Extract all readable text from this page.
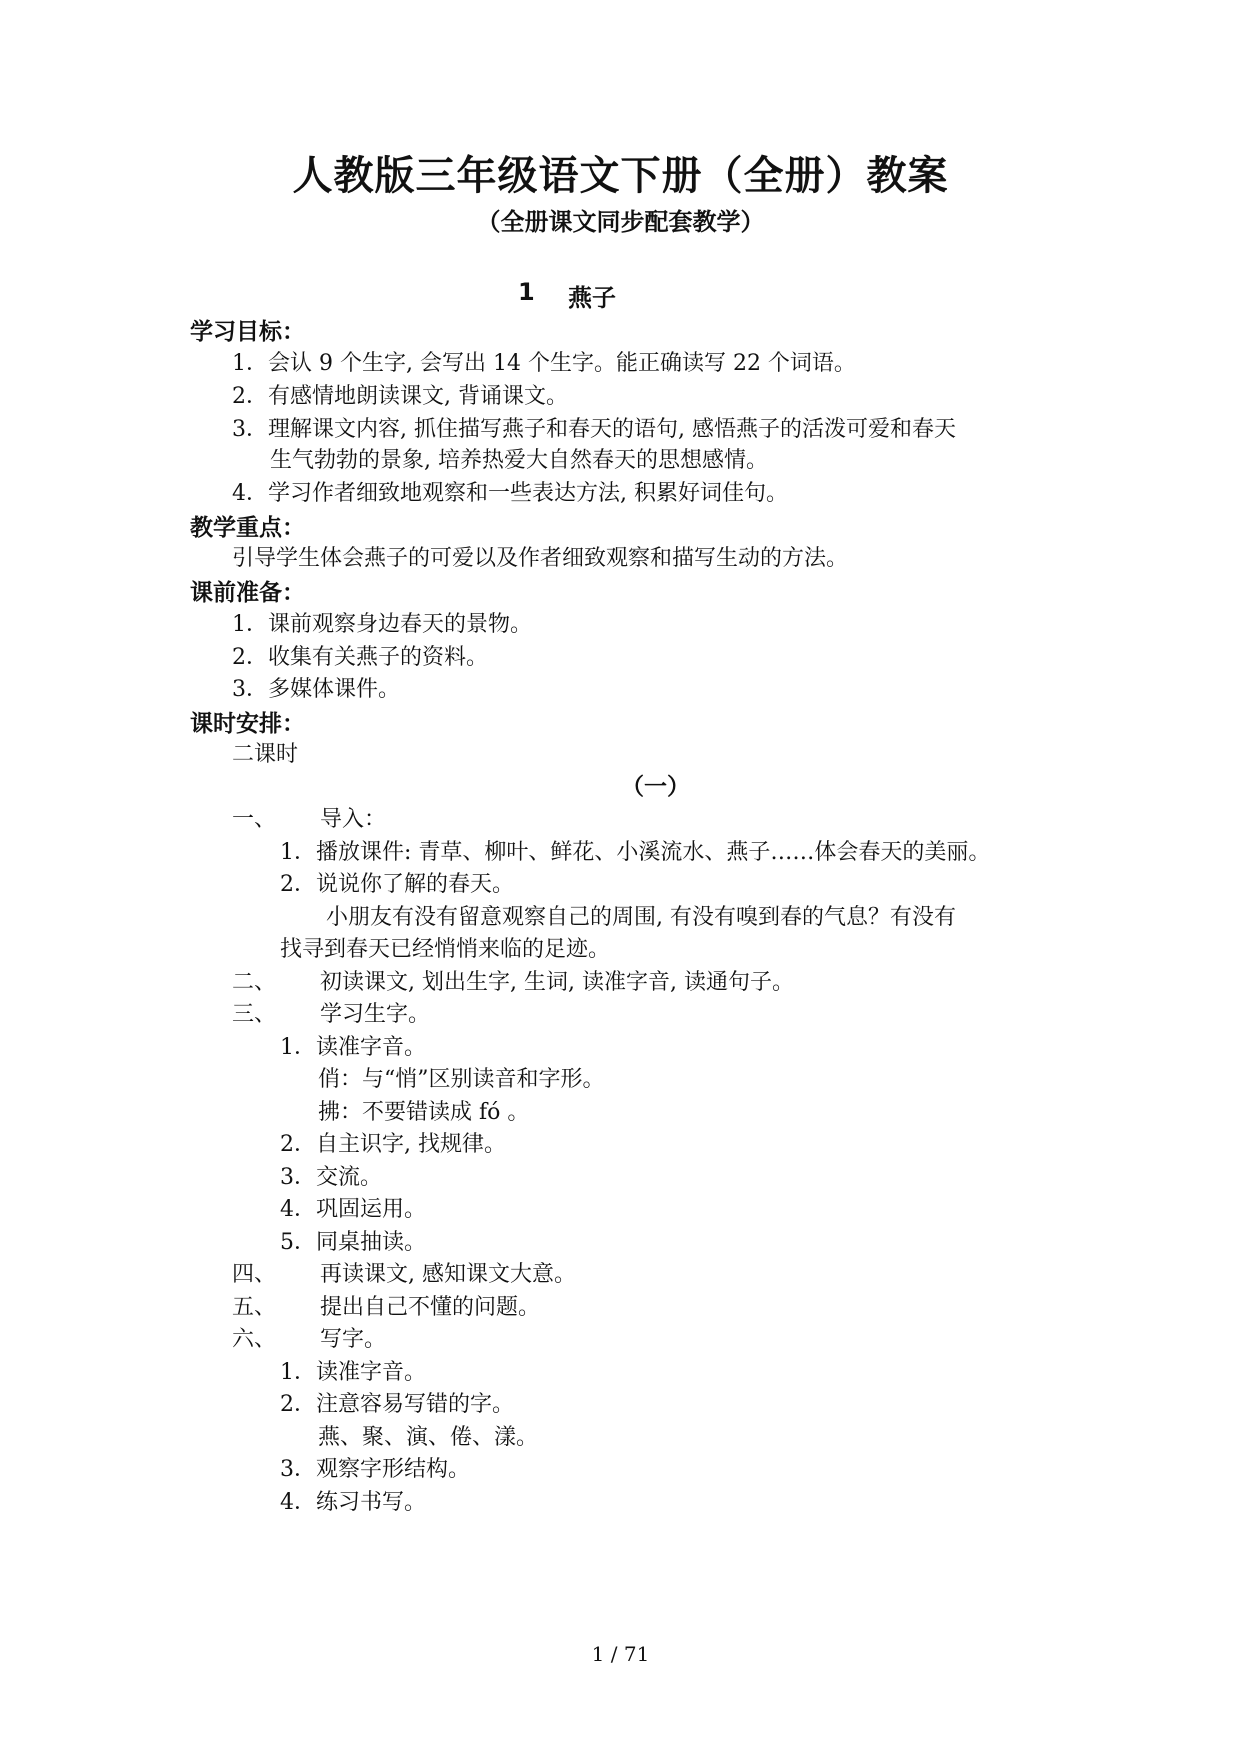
人教版三年级语文下册（全册）教案
（全册课文同步配套教学）
1 燕子
学习目标：
1．会认 9 个生字, 会写出 14 个生字。能正确读写 22 个词语。
2．有感情地朗读课文, 背诵课文。
3．理解课文内容, 抓住描写燕子和春天的语句, 感悟燕子的活泼可爱和春天
生气勃勃的景象, 培养热爱大自然春天的思想感情。
4．学习作者细致地观察和一些表达方法, 积累好词佳句。
教学重点：
引导学生体会燕子的可爱以及作者细致观察和描写生动的方法。
课前准备：
1．课前观察身边春天的景物。
2．收集有关燕子的资料。
3．多媒体课件。
课时安排：
二课时
（一）
一、 导入：
1．播放课件: 青草、柳叶、鲜花、小溪流水、燕子……体会春天的美丽。
2．说说你了解的春天。
小朋友有没有留意观察自己的周围, 有没有嗅到春的气息？有没有
找寻到春天已经悄悄来临的足迹。
二、 初读课文, 划出生字, 生词, 读准字音, 读通句子。
三、 学习生字。
1．读准字音。
俏：与“悄”区别读音和字形。
拂：不要错读成 fó 。
2．自主识字, 找规律。
3．交流。
4．巩固运用。
5．同桌抽读。
四、 再读课文, 感知课文大意。
五、 提出自己不懂的问题。
六、 写字。
1．读准字音。
2．注意容易写错的字。
燕、聚、演、倦、漾。
3．观察字形结构。
4．练习书写。
1 / 71
